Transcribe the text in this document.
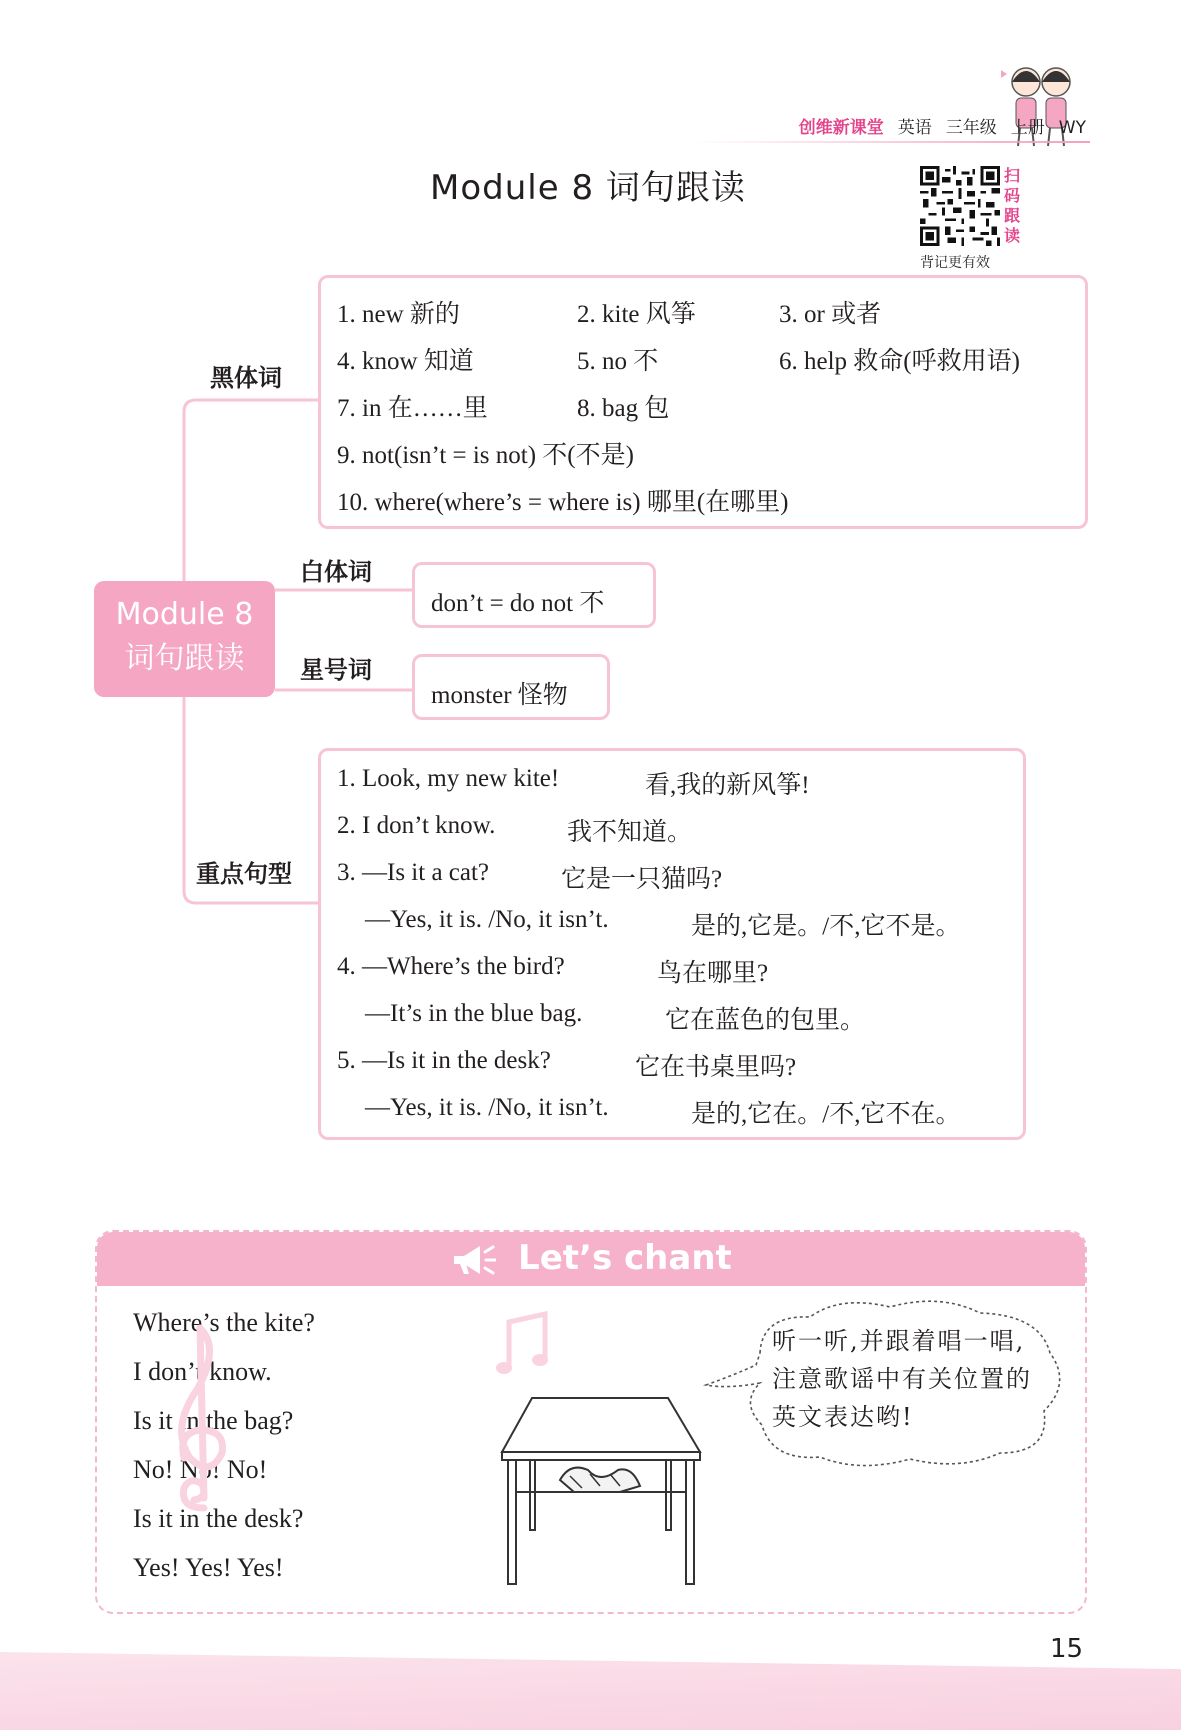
创维新课堂 英语 三年级 上册 WY
Module 8 词句跟读	扫
码
跟
读
背记更有效
黑体词
白体词
星号词
重点句型
Module 8
词句跟读
1. new 新的	2. kite 风筝	3. or 或者
4. know 知道	5. no 不	6. help 救命(呼救用语)
7. in 在……里	8. bag 包
9. not(isn’t = is not) 不(不是)
10. where(where’s = where is) 哪里(在哪里)
don’t = do not 不
monster 怪物
1. Look, my new kite!	看,我的新风筝!
2. I don’t know.	我不知道。
3. —Is it a cat?	它是一只猫吗?
—Yes, it is. /No, it isn’t.	是的,它是。/不,它不是。
4. —Where’s the bird?	鸟在哪里?
—It’s in the blue bag.	它在蓝色的包里。
5. —Is it in the desk?	它在书桌里吗?
—Yes, it is. /No, it isn’t.	是的,它在。/不,它不在。
Let’s chant
Where’s the kite?
I don’t know.
Is it in the bag?
No! No! No!
Is it in the desk?
Yes! Yes! Yes!
听一听,并跟着唱一唱,注意歌谣中有关位置的英文表达哟!
15
